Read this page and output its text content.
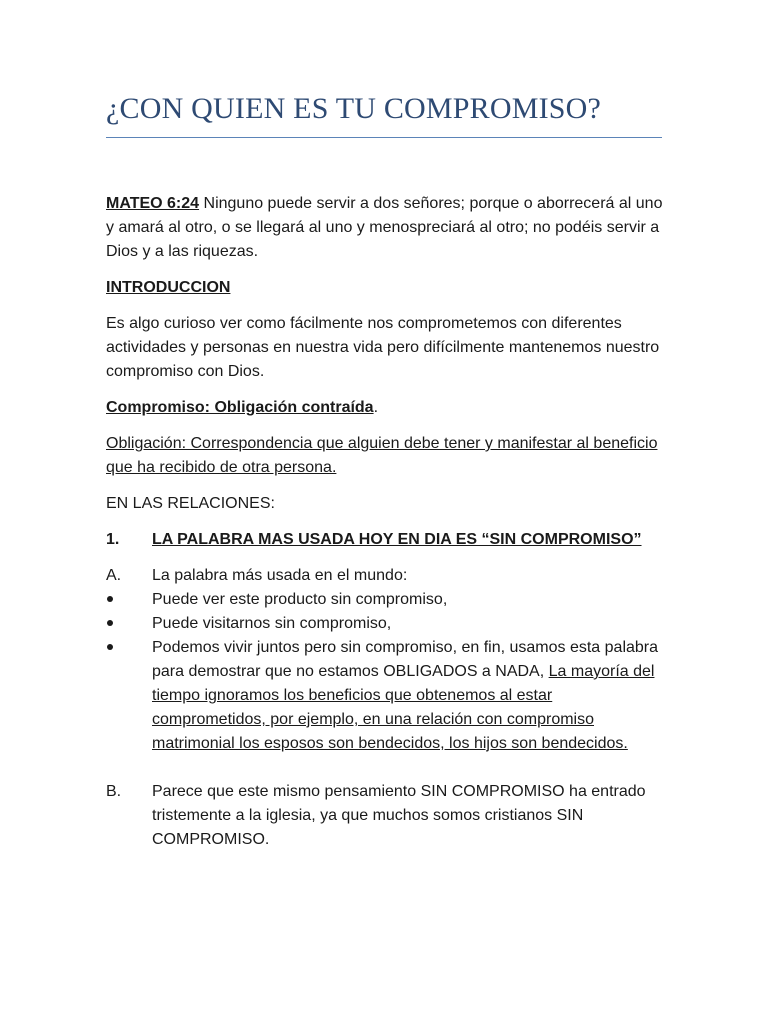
¿CON QUIEN ES TU COMPROMISO?

MATEO 6:24 Ninguno puede servir a dos señores; porque o aborrecerá al uno y amará al otro, o se llegará al uno y menospreciará al otro; no podéis servir a Dios y a las riquezas.

INTRODUCCION

Es algo curioso ver como fácilmente nos comprometemos con diferentes actividades y personas en nuestra vida pero difícilmente mantenemos nuestro compromiso con Dios.

Compromiso: Obligación contraída.

Obligación: Correspondencia que alguien debe tener y manifestar al beneficio que ha recibido de otra persona.

EN LAS RELACIONES:

1.	LA PALABRA MAS USADA HOY EN DIA ES “SIN COMPROMISO”
A.	La palabra más usada en el mundo:
Puede ver este producto sin compromiso,
Puede visitarnos sin compromiso,
Podemos vivir juntos pero sin compromiso, en fin, usamos esta palabra para demostrar que no estamos OBLIGADOS a NADA, La mayoría del tiempo ignoramos los beneficios que obtenemos al estar comprometidos, por ejemplo, en una relación con compromiso matrimonial los esposos son bendecidos, los hijos son bendecidos.
B.	Parece que este mismo pensamiento SIN COMPROMISO ha entrado tristemente a la iglesia, ya que muchos somos cristianos SIN COMPROMISO.
